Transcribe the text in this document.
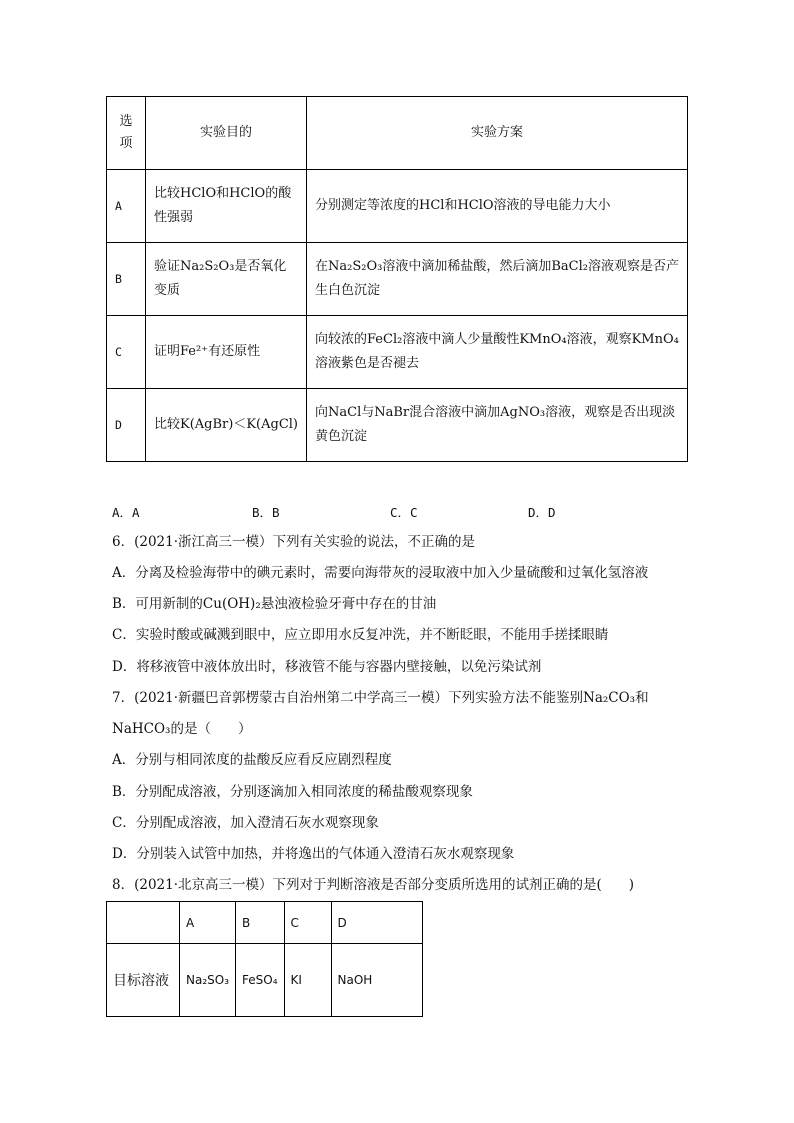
选项	实验目的	实验方案
A	比较HClO和HClO的酸性强弱	分别测定等浓度的HCl和HClO溶液的导电能力大小
B	验证Na₂S₂O₃是否氧化变质	在Na₂S₂O₃溶液中滴加稀盐酸，然后滴加BaCl₂溶液观察是否产生白色沉淀
C	证明Fe²⁺有还原性	向较浓的FeCl₂溶液中滴人少量酸性KMnO₄溶液，观察KMnO₄溶液紫色是否褪去
D	比较K(AgBr)＜K(AgCl)	向NaCl与NaBr混合溶液中滴加AgNO₃溶液，观察是否出现淡黄色沉淀
A．A	B．B	C．C	D．D
6．(2021·浙江高三一模）下列有关实验的说法，不正确的是
A．分离及检验海带中的碘元素时，需要向海带灰的浸取液中加入少量硫酸和过氧化氢溶液
B．可用新制的Cu(OH)₂悬浊液检验牙膏中存在的甘油
C．实验时酸或碱溅到眼中，应立即用水反复冲洗，并不断眨眼，不能用手搓揉眼睛
D．将移液管中液体放出时，移液管不能与容器内壁接触，以免污染试剂
7．(2021·新疆巴音郭楞蒙古自治州第二中学高三一模）下列实验方法不能鉴别Na₂CO₃和
NaHCO₃的是（　　）
A．分别与相同浓度的盐酸反应看反应剧烈程度
B．分别配成溶液，分别逐滴加入相同浓度的稀盐酸观察现象
C．分别配成溶液，加入澄清石灰水观察现象
D．分别装入试管中加热，并将逸出的气体通入澄清石灰水观察现象
8．(2021·北京高三一模）下列对于判断溶液是否部分变质所选用的试剂正确的是(　　)
	A	B	C	D
目标溶液	Na₂SO₃	FeSO₄	KI	NaOH
